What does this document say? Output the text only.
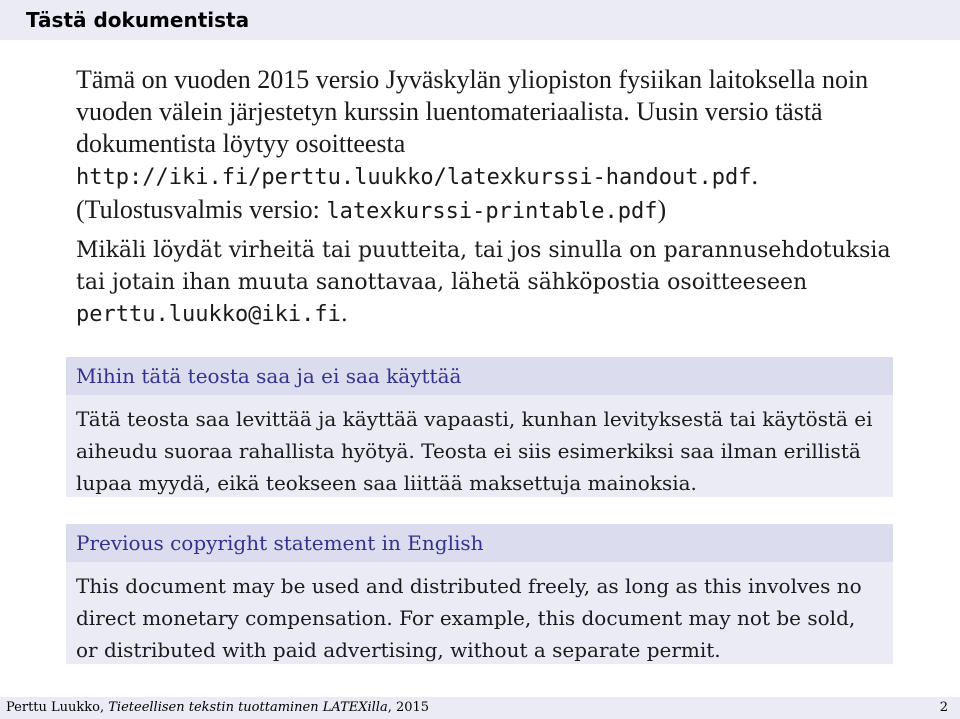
Tästä dokumentista

Tämä on vuoden 2015 versio Jyväskylän yliopiston fysiikan laitoksella noin vuoden välein järjestetyn kurssin luentomateriaalista. Uusin versio tästä dokumentista löytyy osoitteesta http://iki.fi/perttu.luukko/latexkurssi-handout.pdf.
(Tulostusvalmis versio: latexkurssi-printable.pdf)

Mikäli löydät virheitä tai puutteita, tai jos sinulla on parannusehdotuksia tai jotain ihan muuta sanottavaa, lähetä sähköpostia osoitteeseen perttu.luukko@iki.fi.

Mihin tätä teosta saa ja ei saa käyttää
Tätä teosta saa levittää ja käyttää vapaasti, kunhan levityksestä tai käytöstä ei aiheudu suoraa rahallista hyötyä. Teosta ei siis esimerkiksi saa ilman erillistä lupaa myydä, eikä teokseen saa liittää maksettuja mainoksia.
Previous copyright statement in English
This document may be used and distributed freely, as long as this involves no direct monetary compensation. For example, this document may not be sold, or distributed with paid advertising, without a separate permit.
Perttu Luukko, Tieteellisen tekstin tuottaminen LATEXilla, 2015	2
